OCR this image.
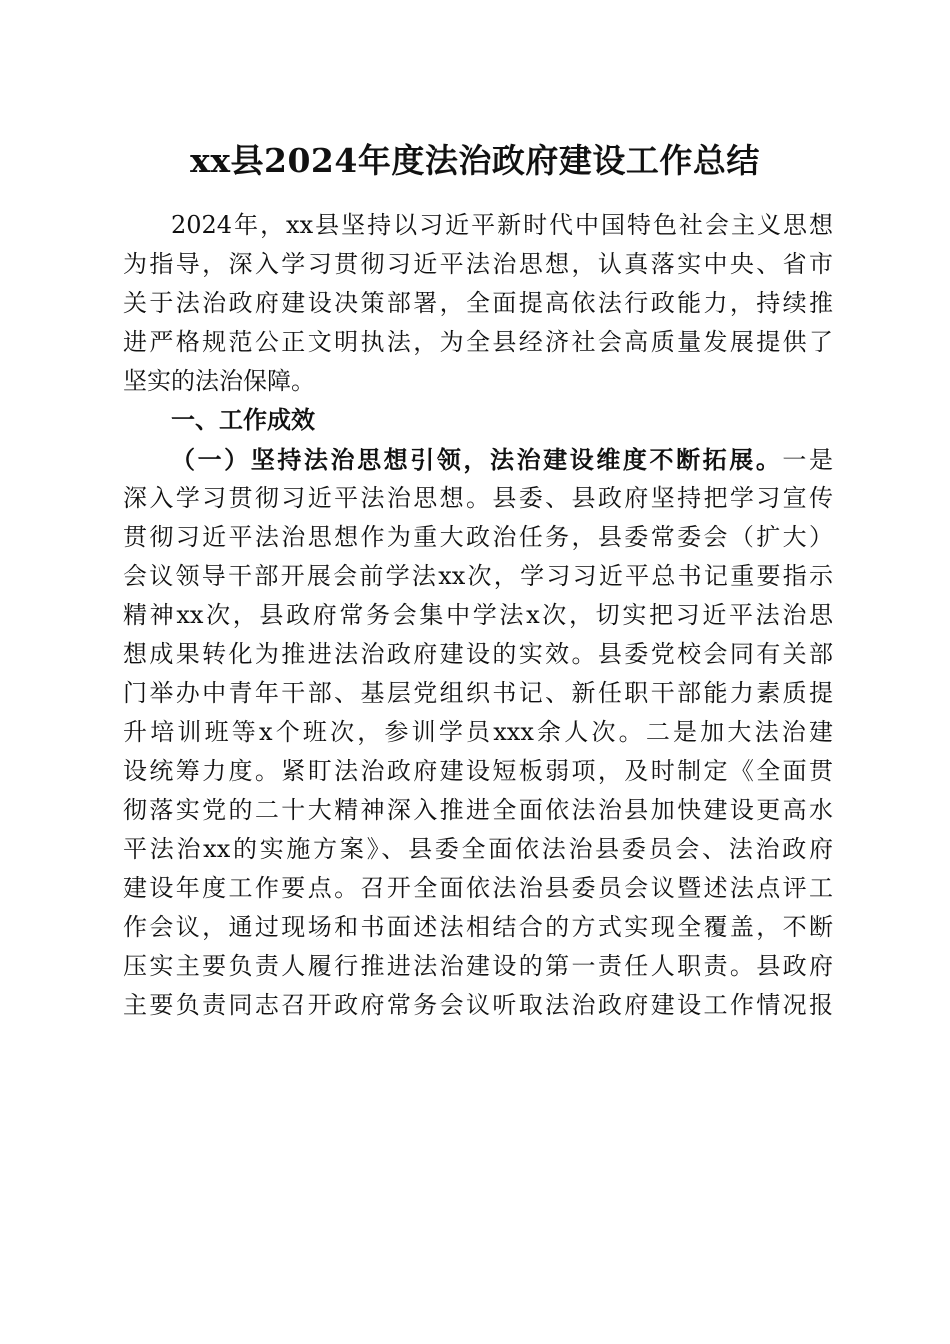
xx县2024年度法治政府建设工作总结
2024年，xx县坚持以习近平新时代中国特色社会主义思想
为指导，深入学习贯彻习近平法治思想，认真落实中央、省市
关于法治政府建设决策部署，全面提高依法行政能力，持续推
进严格规范公正文明执法，为全县经济社会高质量发展提供了
坚实的法治保障。
一、工作成效
（一）坚持法治思想引领，法治建设维度不断拓展。一是
深入学习贯彻习近平法治思想。县委、县政府坚持把学习宣传
贯彻习近平法治思想作为重大政治任务，县委常委会（扩大）
会议领导干部开展会前学法xx次，学习习近平总书记重要指示
精神xx次，县政府常务会集中学法x次，切实把习近平法治思
想成果转化为推进法治政府建设的实效。县委党校会同有关部
门举办中青年干部、基层党组织书记、新任职干部能力素质提
升培训班等x个班次，参训学员xxx余人次。二是加大法治建
设统筹力度。紧盯法治政府建设短板弱项，及时制定《全面贯
彻落实党的二十大精神深入推进全面依法治县加快建设更高水
平法治xx的实施方案》、县委全面依法治县委员会、法治政府
建设年度工作要点。召开全面依法治县委员会议暨述法点评工
作会议，通过现场和书面述法相结合的方式实现全覆盖，不断
压实主要负责人履行推进法治建设的第一责任人职责。县政府
主要负责同志召开政府常务会议听取法治政府建设工作情况报
